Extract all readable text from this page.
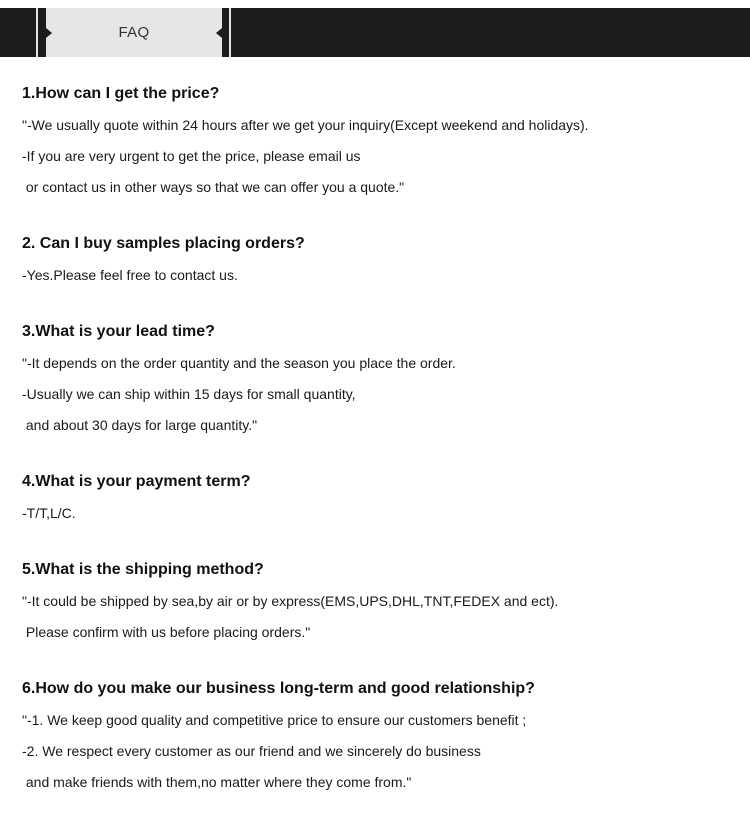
FAQ
1.How can I get the price?
"-We usually quote within 24 hours after we get your inquiry(Except weekend and holidays).
-If you are very urgent to get the price, please email us
or contact us in other ways so that we can offer you a quote."
2. Can I buy samples placing orders?
-Yes.Please feel free to contact us.
3.What is your lead time?
"-It depends on the order quantity and the season you place the order.
-Usually we can ship within 15 days for small quantity,
and about 30 days for large quantity."
4.What is your payment term?
-T/T,L/C.
5.What is the shipping method?
"-It could be shipped by sea,by air or by express(EMS,UPS,DHL,TNT,FEDEX and ect).
Please confirm with us before placing orders."
6.How do you make our business long-term and good relationship?
"-1. We keep good quality and competitive price to ensure our customers benefit ;
-2. We respect every customer as our friend and we sincerely do business
and make friends with them,no matter where they come from."
